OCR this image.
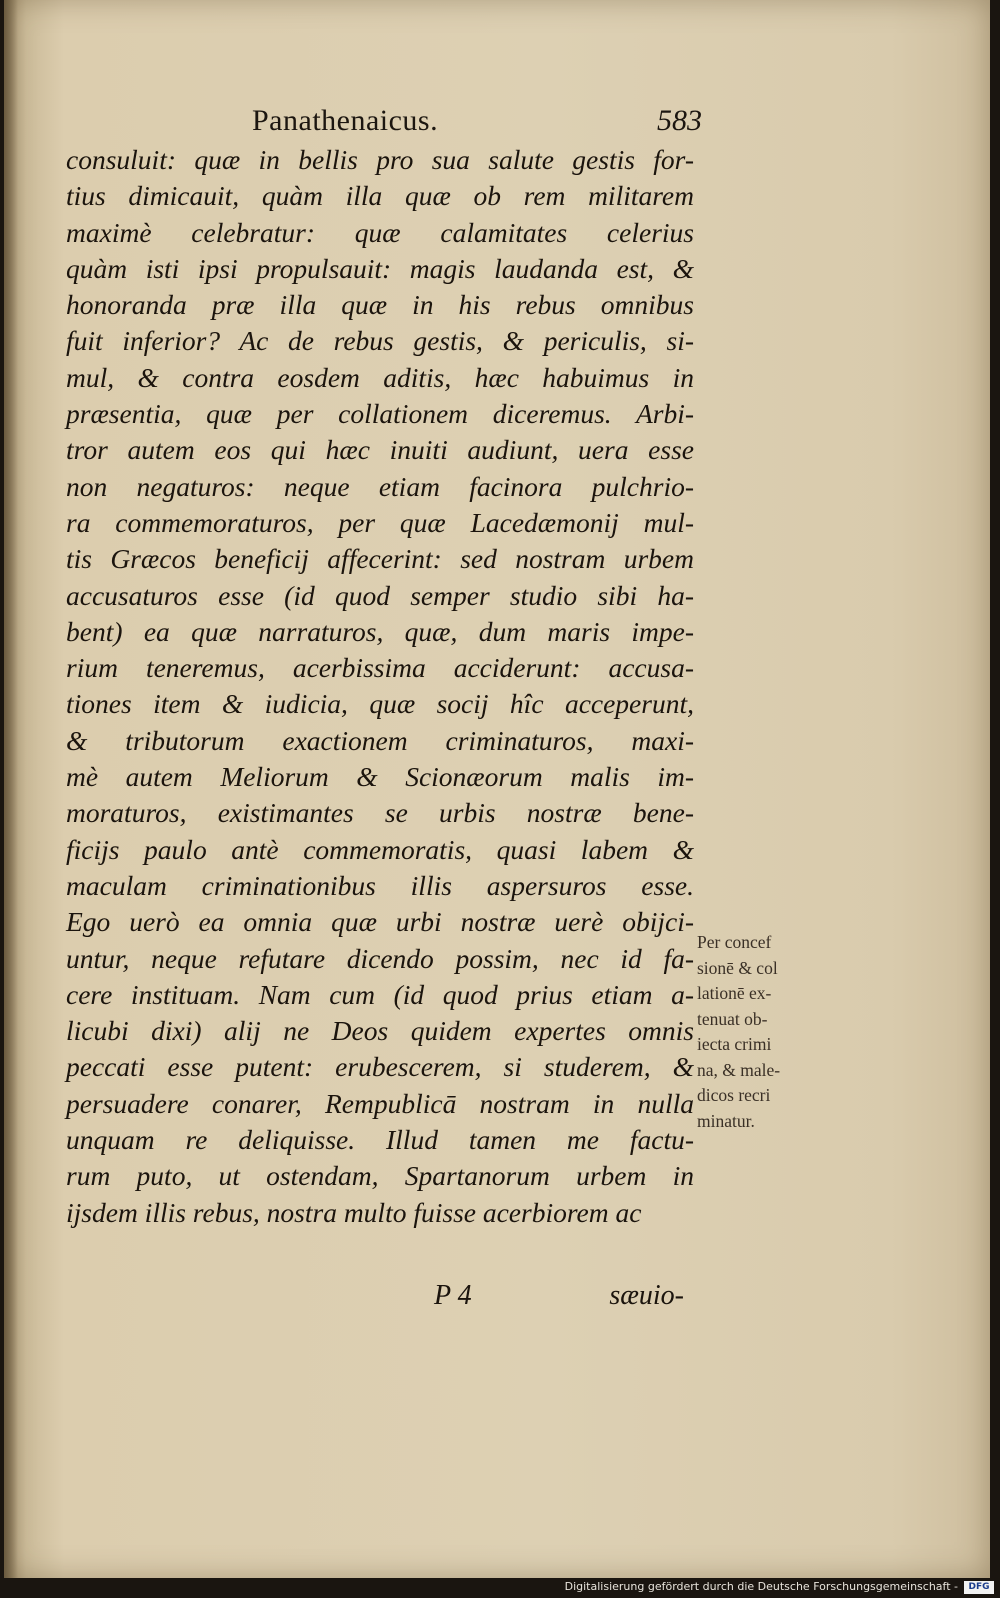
Panathenaicus.	583
consuluit: quæ in bellis pro sua salute gestis for-
tius dimicauit, quàm illa quæ ob rem militarem
maximè celebratur: quæ calamitates celerius
quàm isti ipsi propulsauit: magis laudanda est, &
honoranda præ illa quæ in his rebus omnibus
fuit inferior? Ac de rebus gestis, & periculis, si-
mul, & contra eosdem aditis, hæc habuimus in
præsentia, quæ per collationem diceremus. Arbi-
tror autem eos qui hæc inuiti audiunt, uera esse
non negaturos: neque etiam facinora pulchrio-
ra commemoraturos, per quæ Lacedæmonij mul-
tis Græcos beneficij affecerint: sed nostram urbem
accusaturos esse (id quod semper studio sibi ha-
bent) ea quæ narraturos, quæ, dum maris impe-
rium teneremus, acerbissima acciderunt: accusa-
tiones item & iudicia, quæ socij hîc acceperunt,
& tributorum exactionem criminaturos, maxi-
mè autem Meliorum & Scionæorum malis im-
moraturos, existimantes se urbis nostræ bene-
ficijs paulo antè commemoratis, quasi labem &
maculam criminationibus illis aspersuros esse.
Ego uerò ea omnia quæ urbi nostræ uerè obijci-
untur, neque refutare dicendo possim, nec id fa-
cere instituam. Nam cum (id quod prius etiam a-
licubi dixi) alij ne Deos quidem expertes omnis
peccati esse putent: erubescerem, si studerem, &
persuadere conarer, Rempublicā nostram in nulla
unquam re deliquisse. Illud tamen me factu-
rum puto, ut ostendam, Spartanorum urbem in
ijsdem illis rebus, nostra multo fuisse acerbiorem ac
Per concef
sionē & col
lationē ex-
tenuat ob-
iecta crimi
na, & male-
dicos recri
minatur.
P 4	sæuio-
Digitalisierung gefördert durch die Deutsche Forschungsgemeinschaft -	DFG
